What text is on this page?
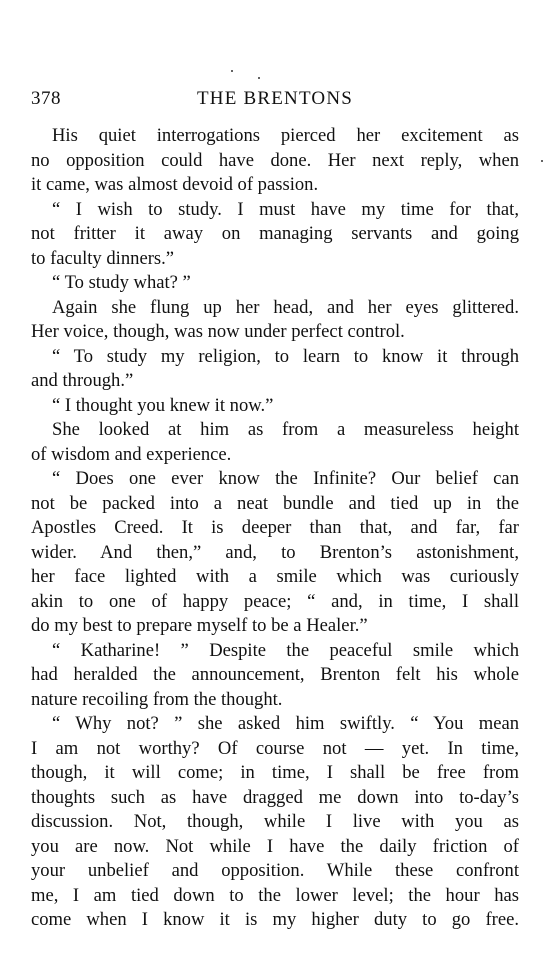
378	THE BRENTONS
His quiet interrogations pierced her excitement as
no opposition could have done. Her next reply, when
it came, was almost devoid of passion.
“ I wish to study. I must have my time for that,
not fritter it away on managing servants and going
to faculty dinners.”
“ To study what? ”
Again she flung up her head, and her eyes glittered.
Her voice, though, was now under perfect control.
“ To study my religion, to learn to know it through
and through.”
“ I thought you knew it now.”
She looked at him as from a measureless height
of wisdom and experience.
“ Does one ever know the Infinite? Our belief can
not be packed into a neat bundle and tied up in the
Apostles Creed. It is deeper than that, and far, far
wider. And then,” and, to Brenton’s astonishment,
her face lighted with a smile which was curiously
akin to one of happy peace; “ and, in time, I shall
do my best to prepare myself to be a Healer.”
“ Katharine! ” Despite the peaceful smile which
had heralded the announcement, Brenton felt his whole
nature recoiling from the thought.
“ Why not? ” she asked him swiftly. “ You mean
I am not worthy? Of course not — yet. In time,
though, it will come; in time, I shall be free from
thoughts such as have dragged me down into to-day’s
discussion. Not, though, while I live with you as
you are now. Not while I have the daily friction of
your unbelief and opposition. While these confront
me, I am tied down to the lower level; the hour has
come when I know it is my higher duty to go free.
